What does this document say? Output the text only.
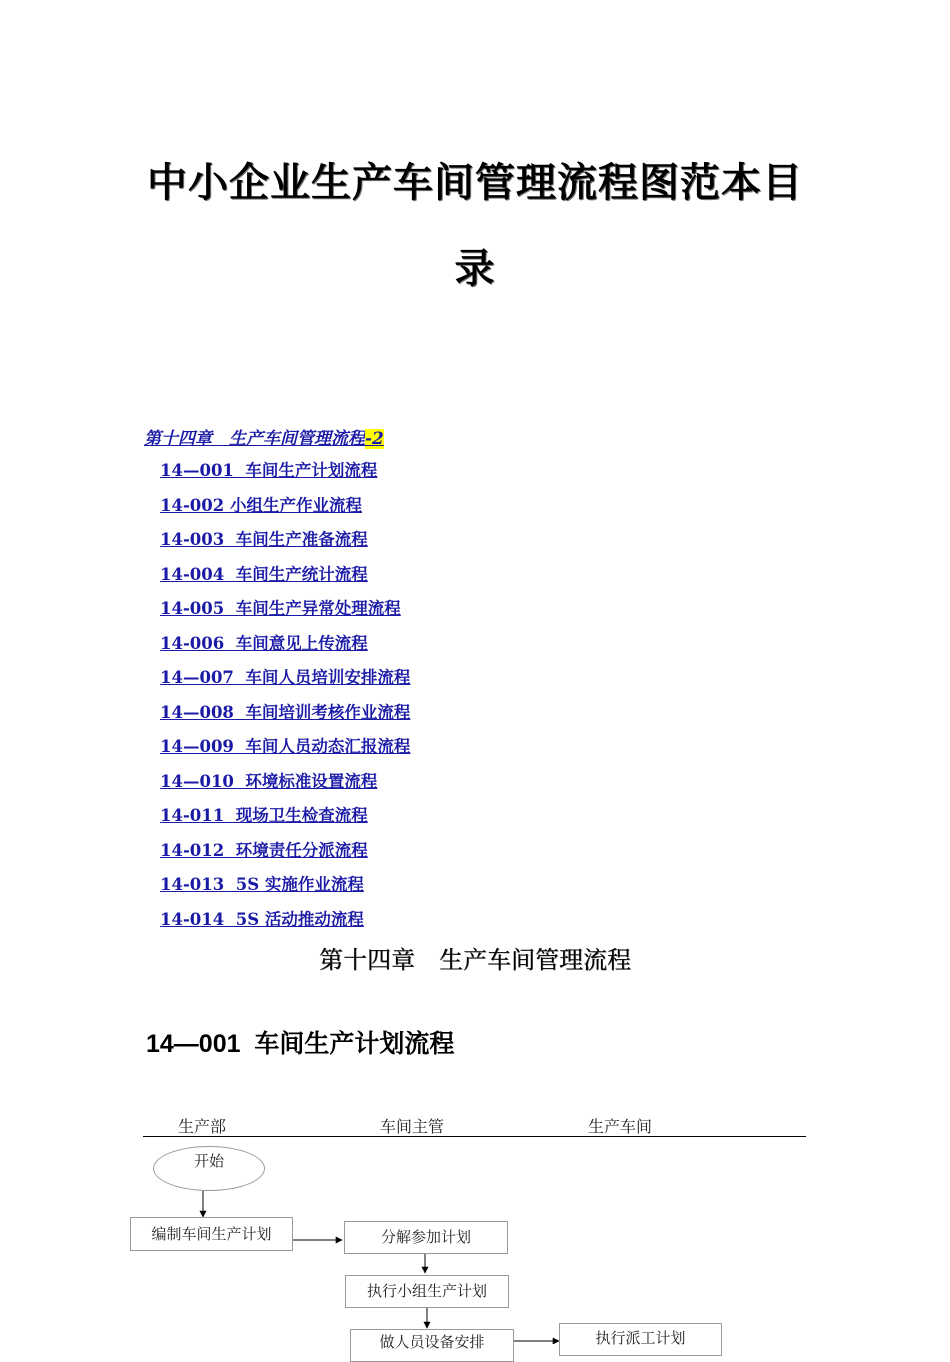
中小企业生产车间管理流程图范本目
录
第十四章　生产车间管理流程-2
14—001  车间生产计划流程
14-002 小组生产作业流程
14-003  车间生产准备流程
14-004  车间生产统计流程
14-005  车间生产异常处理流程
14-006  车间意见上传流程
14—007  车间人员培训安排流程
14—008  车间培训考核作业流程
14—009  车间人员动态汇报流程
14—010  环境标准设置流程
14-011  现场卫生检查流程
14-012  环境责任分派流程
14-013  5S 实施作业流程
14-014  5S 活动推动流程
第十四章　生产车间管理流程
14—001  车间生产计划流程
生产部	车间主管	生产车间
开始
编制车间生产计划	分解参加计划
执行小组生产计划
做人员设备安排	执行派工计划
